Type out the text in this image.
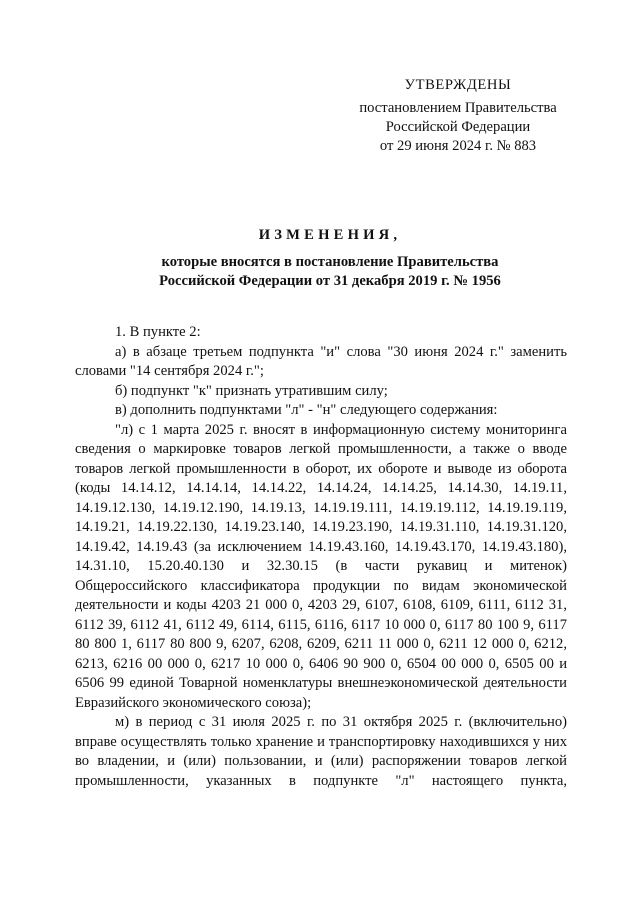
УТВЕРЖДЕНЫ
постановлением Правительства
Российской Федерации
от 29 июня 2024 г. № 883
ИЗМЕНЕНИЯ,
которые вносятся в постановление Правительства
Российской Федерации от 31 декабря 2019 г. № 1956

1. В пункте 2:

а) в абзаце третьем подпункта "и" слова "30 июня 2024 г." заменить словами "14 сентября 2024 г.";

б) подпункт "к" признать утратившим силу;

в) дополнить подпунктами "л" - "н" следующего содержания:

"л) с 1 марта 2025 г. вносят в информационную систему мониторинга сведения о маркировке товаров легкой промышленности, а также о вводе товаров легкой промышленности в оборот, их обороте и выводе из оборота (коды 14.14.12, 14.14.14, 14.14.22, 14.14.24, 14.14.25, 14.14.30, 14.19.11, 14.19.12.130, 14.19.12.190, 14.19.13, 14.19.19.111, 14.19.19.112, 14.19.19.119, 14.19.21, 14.19.22.130, 14.19.23.140, 14.19.23.190, 14.19.31.110, 14.19.31.120, 14.19.42, 14.19.43 (за исключением 14.19.43.160, 14.19.43.170, 14.19.43.180), 14.31.10, 15.20.40.130 и 32.30.15 (в части рукавиц и митенок) Общероссийского классификатора продукции по видам экономической деятельности и коды 4203 21 000 0, 4203 29, 6107, 6108, 6109, 6111, 6112 31, 6112 39, 6112 41, 6112 49, 6114, 6115, 6116, 6117 10 000 0, 6117 80 100 9, 6117 80 800 1, 6117 80 800 9, 6207, 6208, 6209, 6211 11 000 0, 6211 12 000 0, 6212, 6213, 6216 00 000 0, 6217 10 000 0, 6406 90 900 0, 6504 00 000 0, 6505 00 и 6506 99 единой Товарной номенклатуры внешнеэкономической деятельности Евразийского экономического союза);

м) в период с 31 июля 2025 г. по 31 октября 2025 г. (включительно) вправе осуществлять только хранение и транспортировку находившихся у них во владении, и (или) пользовании, и (или) распоряжении товаров легкой промышленности, указанных в подпункте "л" настоящего пункта,
